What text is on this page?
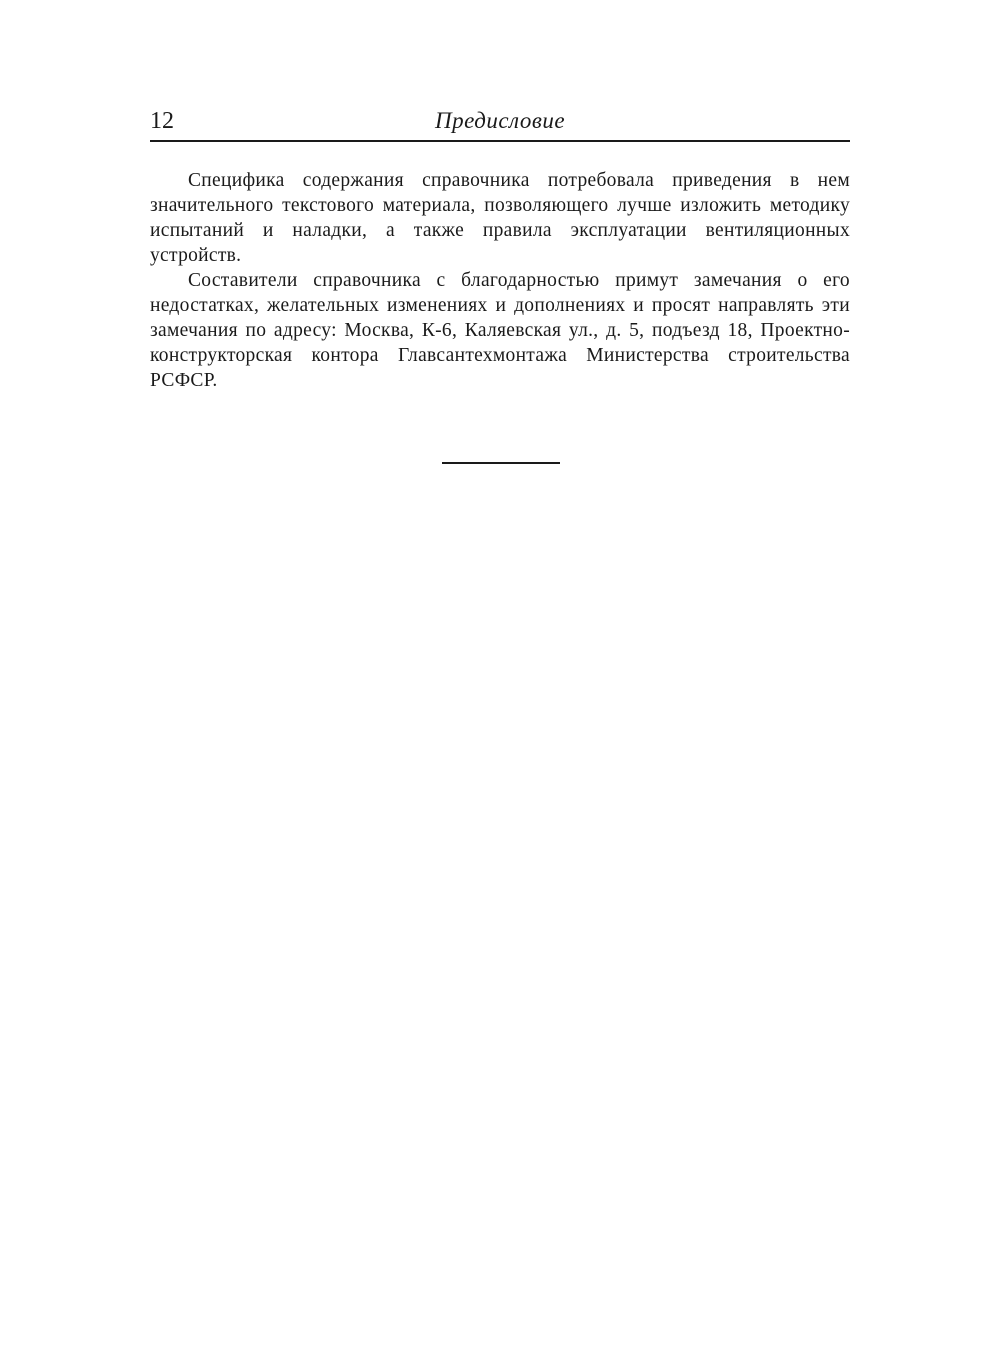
12	Предисловие

Специфика содержания справочника потребовала приведения в нем значительного текстового материала, позволяющего лучше изложить методику испытаний и наладки, а также правила эксплуатации вентиляционных устройств.

Составители справочника с благодарностью примут замечания о его недостатках, желательных изменениях и дополнениях и просят направлять эти замечания по адресу: Москва, К-6, Каляевская ул., д. 5, подъезд 18, Проектно-конструкторская контора Главсантехмонтажа Министерства строительства РСФСР.
